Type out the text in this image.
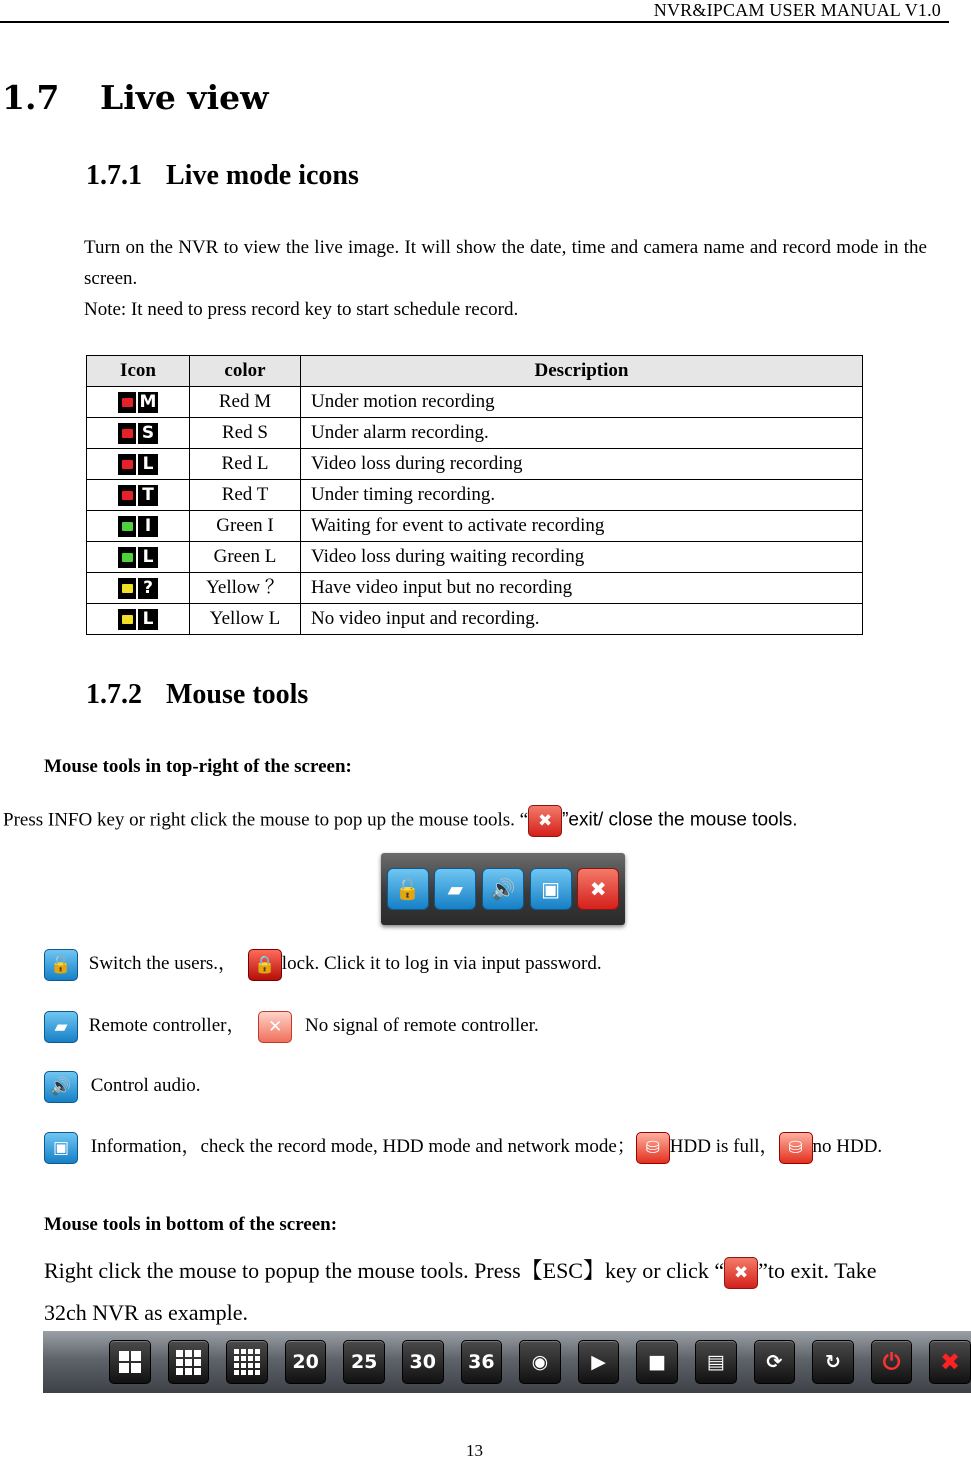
NVR&IPCAM USER MANUAL V1.0
1.7 Live view
1.7.1 Live mode icons

Turn on the NVR to view the live image. It will show the date, time and camera name and record mode in the screen.

Note: It need to press record key to start schedule record.

Icon	color	Description

M	Red M	Under motion recording

S	Red S	Under alarm recording.

L	Red L	Video loss during recording

T	Red T	Under timing recording.

I	Green I	Waiting for event to activate recording

L	Green L	Video loss during waiting recording

?	Yellow ？	Have video input but no recording

L	Yellow L	No video input and recording.
1.7.2 Mouse tools
Mouse tools in top-right of the screen:
Press INFO key or right click the mouse to pop up the mouse tools. “ ✖ ”exit/ close the mouse tools.
🔓	▰	🔊	▣	✖
🔓 Switch the users.， 🔒 lock. Click it to log in via input password.
▰ Remote controller， ✕ No signal of remote controller.
🔊 Control audio.
▣ Information，check the record mode, HDD mode and network mode； ⛁ HDD is full， ⛁ no HDD.
Mouse tools in bottom of the screen:
Right click the mouse to popup the mouse tools. Press【ESC】key or click “ ✖ ”to exit. Take
32ch NVR as example.
20	25	30	36	◉	▶	■	▤	⟳	↻	⏻	✖
13
